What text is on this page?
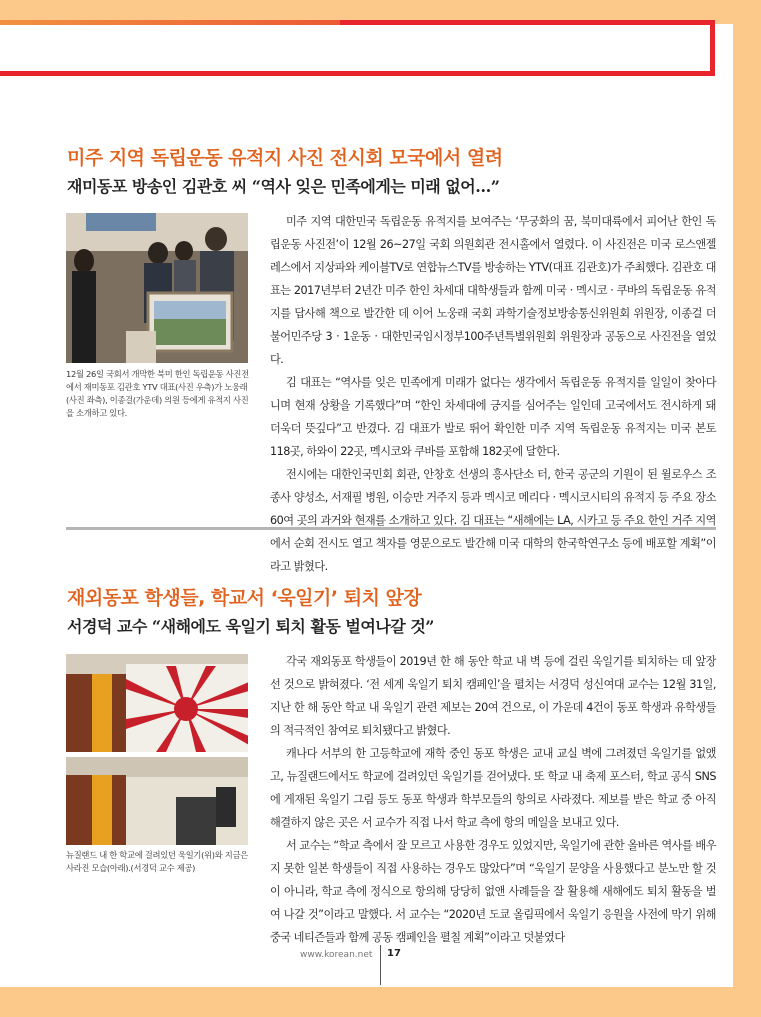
미주 지역 독립운동 유적지 사진 전시회 모국에서 열려
재미동포 방송인 김관호 씨 “역사 잊은 민족에게는 미래 없어…”
12월 26일 국회서 개막한 북미 한인 독립운동 사진전에서 재미동포 김관호 YTV 대표(사진 우측)가 노웅래(사진 좌측), 이종걸(가운데) 의원 등에게 유적지 사진을 소개하고 있다.

미주 지역 대한민국 독립운동 유적지를 보여주는 ‘무궁화의 꿈, 북미대륙에서 피어난 한인 독립운동 사진전’이 12월 26~27일 국회 의원회관 전시홀에서 열렸다. 이 사진전은 미국 로스앤젤레스에서 지상파와 케이블TV로 연합뉴스TV를 방송하는 YTV(대표 김관호)가 주최했다. 김관호 대표는 2017년부터 2년간 미주 한인 차세대 대학생들과 함께 미국 · 멕시코 · 쿠바의 독립운동 유적지를 답사해 책으로 발간한 데 이어 노웅래 국회 과학기술정보방송통신위원회 위원장, 이종걸 더불어민주당 3 · 1운동 · 대한민국임시정부100주년특별위원회 위원장과 공동으로 사진전을 열었다.

김 대표는 “역사를 잊은 민족에게 미래가 없다는 생각에서 독립운동 유적지를 일일이 찾아다니며 현재 상황을 기록했다”며 “한인 차세대에 긍지를 심어주는 일인데 고국에서도 전시하게 돼 더욱더 뜻깊다”고 반겼다. 김 대표가 발로 뛰어 확인한 미주 지역 독립운동 유적지는 미국 본토 118곳, 하와이 22곳, 멕시코와 쿠바를 포함해 182곳에 달한다.

전시에는 대한인국민회 회관, 안창호 선생의 흥사단소 터, 한국 공군의 기원이 된 윌로우스 조종사 양성소, 서재필 병원, 이승만 거주지 등과 멕시코 메리다 · 멕시코시티의 유적지 등 주요 장소 60여 곳의 과거와 현재를 소개하고 있다. 김 대표는 “새해에는 LA, 시카고 등 주요 한인 거주 지역에서 순회 전시도 열고 책자를 영문으로도 발간해 미국 대학의 한국학연구소 등에 배포할 계획”이라고 밝혔다.

재외동포 학생들, 학교서 ‘욱일기’ 퇴치 앞장
서경덕 교수 “새해에도 욱일기 퇴치 활동 벌여나갈 것”
뉴질랜드 내 한 학교에 걸려있던 욱일기(위)와 지금은 사라진 모습(아래).(서경덕 교수 제공)

각국 재외동포 학생들이 2019년 한 해 동안 학교 내 벽 등에 걸린 욱일기를 퇴치하는 데 앞장선 것으로 밝혀졌다. ‘전 세계 욱일기 퇴치 캠페인’을 펼치는 서경덕 성신여대 교수는 12월 31일, 지난 한 해 동안 학교 내 욱일기 관련 제보는 20여 건으로, 이 가운데 4건이 동포 학생과 유학생들의 적극적인 참여로 퇴치됐다고 밝혔다.

캐나다 서부의 한 고등학교에 재학 중인 동포 학생은 교내 교실 벽에 그려졌던 욱일기를 없앴고, 뉴질랜드에서도 학교에 걸려있던 욱일기를 걷어냈다. 또 학교 내 축제 포스터, 학교 공식 SNS에 게재된 욱일기 그림 등도 동포 학생과 학부모들의 항의로 사라졌다. 제보를 받은 학교 중 아직 해결하지 않은 곳은 서 교수가 직접 나서 학교 측에 항의 메일을 보내고 있다.

서 교수는 “학교 측에서 잘 모르고 사용한 경우도 있었지만, 욱일기에 관한 올바른 역사를 배우지 못한 일본 학생들이 직접 사용하는 경우도 많았다”며 “욱일기 문양을 사용했다고 분노만 할 것이 아니라, 학교 측에 정식으로 항의해 당당히 없앤 사례들을 잘 활용해 새해에도 퇴치 활동을 벌여 나갈 것”이라고 말했다. 서 교수는 “2020년 도쿄 올림픽에서 욱일기 응원을 사전에 막기 위해 중국 네티즌들과 함께 공동 캠페인을 펼칠 계획”이라고 덧붙였다

www.korean.net 17
